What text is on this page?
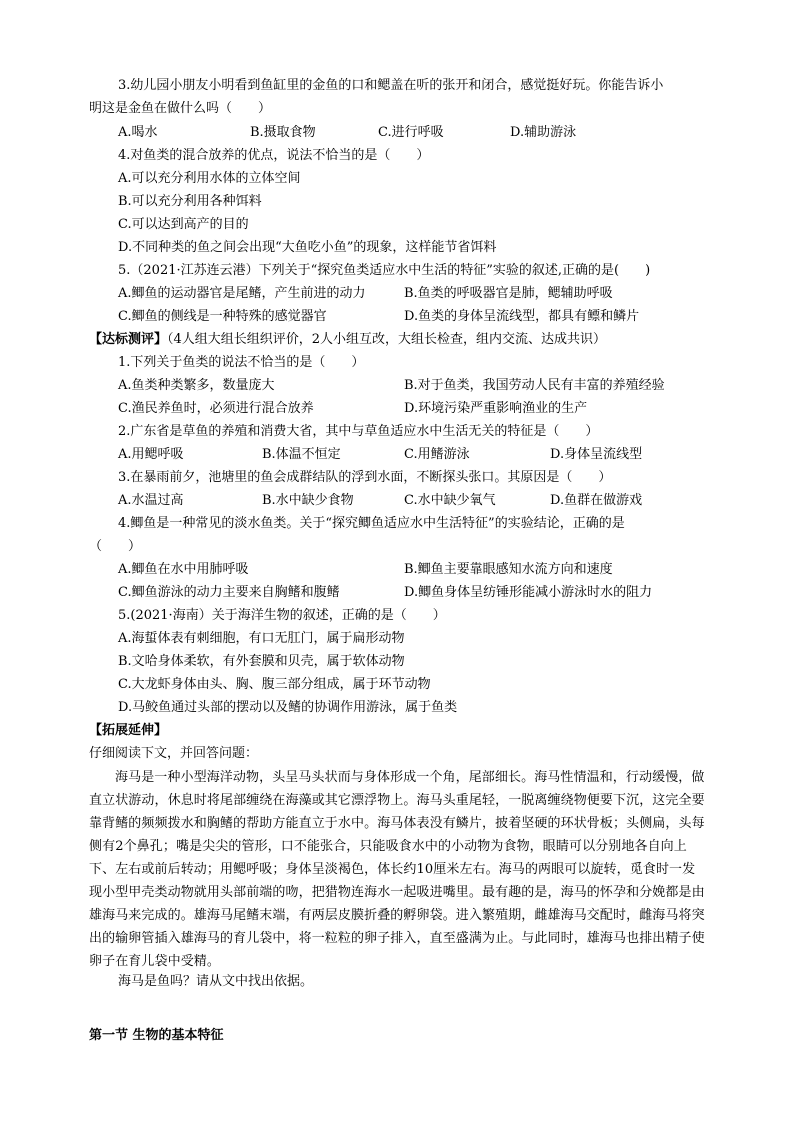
3.幼儿园小朋友小明看到鱼缸里的金鱼的口和鳃盖在听的张开和闭合，感觉挺好玩。你能告诉小
明这是金鱼在做什么吗（　　）
A.喝水	B.摄取食物	C.进行呼吸	D.辅助游泳
4.对鱼类的混合放养的优点，说法不恰当的是（　　）
A.可以充分利用水体的立体空间
B.可以充分利用各种饵料
C.可以达到高产的目的
D.不同种类的鱼之间会出现“大鱼吃小鱼”的现象，这样能节省饵料
5.（2021·江苏连云港）下列关于“探究鱼类适应水中生活的特征”实验的叙述,正确的是(　　)
A.鲫鱼的运动器官是尾鳍，产生前进的动力	B.鱼类的呼吸器官是肺，鳃辅助呼吸
C.鲫鱼的侧线是一种特殊的感觉器官	D.鱼类的身体呈流线型，都具有鳔和鳞片
【达标测评】（4人组大组长组织评价，2人小组互改，大组长检查，组内交流、达成共识）
1.下列关于鱼类的说法不恰当的是（　　）
A.鱼类种类繁多，数量庞大	B.对于鱼类，我国劳动人民有丰富的养殖经验
C.渔民养鱼时，必须进行混合放养	D.环境污染严重影响渔业的生产
2.广东省是草鱼的养殖和消费大省，其中与草鱼适应水中生活无关的特征是（　　）
A.用鳃呼吸	B.体温不恒定	C.用鳍游泳	D.身体呈流线型
3.在暴雨前夕，池塘里的鱼会成群结队的浮到水面，不断探头张口。其原因是（　　）
A.水温过高	B.水中缺少食物	C.水中缺少氧气	D.鱼群在做游戏
4.鲫鱼是一种常见的淡水鱼类。关于“探究鲫鱼适应水中生活特征”的实验结论，正确的是
（　　）
A.鲫鱼在水中用肺呼吸	B.鲫鱼主要靠眼感知水流方向和速度
C.鲫鱼游泳的动力主要来自胸鳍和腹鳍	D.鲫鱼身体呈纺锤形能减小游泳时水的阻力
5.(2021·海南）关于海洋生物的叙述，正确的是（　　）
A.海蜇体表有刺细胞，有口无肛门，属于扁形动物
B.文哈身体柔软，有外套膜和贝壳，属于软体动物
C.大龙虾身体由头、胸、腹三部分组成，属于环节动物
D.马鲛鱼通过头部的摆动以及鳍的协调作用游泳，属于鱼类
【拓展延伸】
仔细阅读下文，并回答问题：
海马是一种小型海洋动物，头呈马头状而与身体形成一个角，尾部细长。海马性情温和，行动缓慢，做直立状游动，休息时将尾部缠绕在海藻或其它漂浮物上。海马头重尾轻，一脱离缠绕物便要下沉，这完全要靠背鳍的频频拨水和胸鳍的帮助方能直立于水中。海马体表没有鳞片，披着坚硬的环状骨板；头侧扁，头每侧有2个鼻孔；嘴是尖尖的管形，口不能张合，只能吸食水中的小动物为食物，眼睛可以分别地各自向上下、左右或前后转动；用鳃呼吸；身体呈淡褐色，体长约10厘米左右。海马的两眼可以旋转，觅食时一发现小型甲壳类动物就用头部前端的吻，把猎物连海水一起吸进嘴里。最有趣的是，海马的怀孕和分娩都是由雄海马来完成的。雄海马尾鳍末端，有两层皮膜折叠的孵卵袋。进入繁殖期，雌雄海马交配时，雌海马将突出的输卵管插入雄海马的育儿袋中，将一粒粒的卵子排入，直至盛满为止。与此同时，雄海马也排出精子使卵子在育儿袋中受精。
海马是鱼吗？请从文中找出依据。
第一节 生物的基本特征
